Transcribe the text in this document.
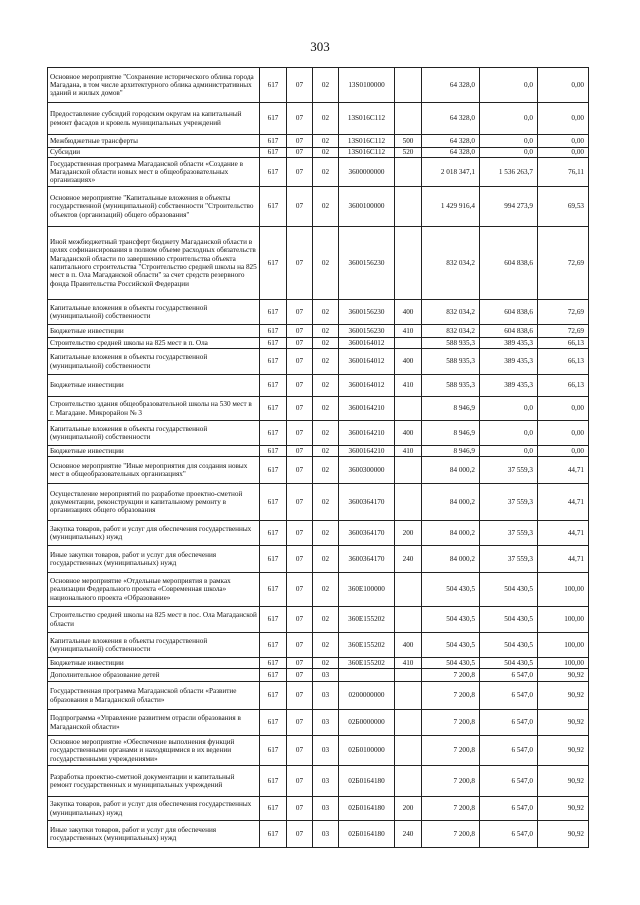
303
Основное мероприятие "Сохранение исторического облика города Магадана, в том числе архитектурного облика административных зданий и жилых домов"	617	07	02	13S0100000		64 328,0	0,0	0,00
Предоставление субсидий городским округам на капитальный ремонт фасадов и кровель муниципальных учреждений	617	07	02	13S016C112		64 328,0	0,0	0,00
Межбюджетные трансферты	617	07	02	13S016C112	500	64 328,0	0,0	0,00
Субсидии	617	07	02	13S016C112	520	64 328,0	0,0	0,00
Государственная программа Магаданской области «Создание в Магаданской области новых мест в общеобразовательных организациях»	617	07	02	3600000000		2 018 347,1	1 536 263,7	76,11
Основное мероприятие "Капитальные вложения в объекты государственной (муниципальной) собственности "Строительство объектов (организаций) общего образования"	617	07	02	3600100000		1 429 916,4	994 273,9	69,53
Иной межбюджетный трансферт бюджету Магаданской области в целях софинансирования в полном объеме расходных обязательств Магаданской области по завершению строительства объекта капитального строительства "Строительство средней школы на 825 мест в п. Ола Магаданской области" за счет средств резервного фонда Правительства Российской Федерации	617	07	02	3600156230		832 034,2	604 838,6	72,69
Капитальные вложения в объекты государственной (муниципальной) собственности	617	07	02	3600156230	400	832 034,2	604 838,6	72,69
Бюджетные инвестиции	617	07	02	3600156230	410	832 034,2	604 838,6	72,69
Строительство средней школы на 825 мест в п. Ола	617	07	02	3600164012		588 935,3	389 435,3	66,13
Капитальные вложения в объекты государственной (муниципальной) собственности	617	07	02	3600164012	400	588 935,3	389 435,3	66,13
Бюджетные инвестиции	617	07	02	3600164012	410	588 935,3	389 435,3	66,13
Строительство здания общеобразовательной школы на 530 мест в г. Магадане. Микрорайон № 3	617	07	02	3600164210		8 946,9	0,0	0,00
Капитальные вложения в объекты государственной (муниципальной) собственности	617	07	02	3600164210	400	8 946,9	0,0	0,00
Бюджетные инвестиции	617	07	02	3600164210	410	8 946,9	0,0	0,00
Основное мероприятие "Иные мероприятия для создания новых мест в общеобразовательных организациях"	617	07	02	3600300000		84 000,2	37 559,3	44,71
Осуществление мероприятий по разработке проектно-сметной документации, реконструкции и капитальному ремонту в организациях общего образования	617	07	02	3600364170		84 000,2	37 559,3	44,71
Закупка товаров, работ и услуг для обеспечения государственных (муниципальных) нужд	617	07	02	3600364170	200	84 000,2	37 559,3	44,71
Иные закупки товаров, работ и услуг для обеспечения государственных (муниципальных) нужд	617	07	02	3600364170	240	84 000,2	37 559,3	44,71
Основное мероприятие «Отдельные мероприятия в рамках реализации Федерального проекта «Современная школа» национального проекта «Образование»	617	07	02	360E100000		504 430,5	504 430,5	100,00
Строительство средней школы на 825 мест в пос. Ола Магаданской области	617	07	02	360E155202		504 430,5	504 430,5	100,00
Капитальные вложения в объекты государственной (муниципальной) собственности	617	07	02	360E155202	400	504 430,5	504 430,5	100,00
Бюджетные инвестиции	617	07	02	360E155202	410	504 430,5	504 430,5	100,00
Дополнительное образование детей	617	07	03			7 200,8	6 547,0	90,92
Государственная программа Магаданской области «Развитие образования в Магаданской области»	617	07	03	0200000000		7 200,8	6 547,0	90,92
Подпрограмма «Управление развитием отрасли образования в Магаданской области»	617	07	03	02Б0000000		7 200,8	6 547,0	90,92
Основное мероприятие «Обеспечение выполнения функций государственными органами и находящимися в их ведении государственными учреждениями»	617	07	03	02Б0100000		7 200,8	6 547,0	90,92
Разработка проектно-сметной документации и капитальный ремонт государственных и муниципальных учреждений	617	07	03	02Б0164180		7 200,8	6 547,0	90,92
Закупка товаров, работ и услуг для обеспечения государственных (муниципальных) нужд	617	07	03	02Б0164180	200	7 200,8	6 547,0	90,92
Иные закупки товаров, работ и услуг для обеспечения государственных (муниципальных) нужд	617	07	03	02Б0164180	240	7 200,8	6 547,0	90,92
